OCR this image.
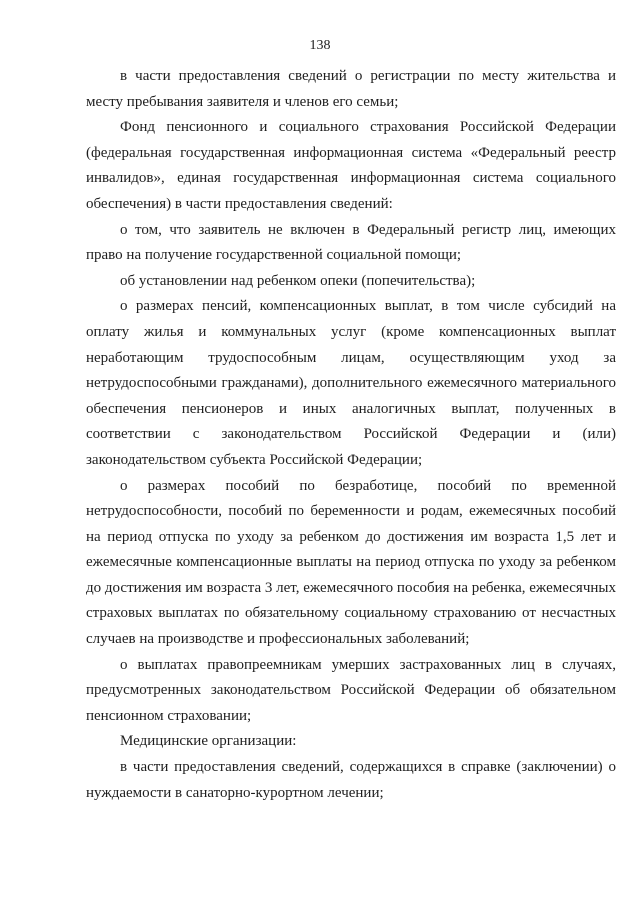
138

в части предоставления сведений о регистрации по месту жительства и месту пребывания заявителя и членов его семьи;

Фонд пенсионного и социального страхования Российской Федерации (федеральная государственная информационная система «Федеральный реестр инвалидов», единая государственная информационная система социального обеспечения) в части предоставления сведений:

о том, что заявитель не включен в Федеральный регистр лиц, имеющих право на получение государственной социальной помощи;

об установлении над ребенком опеки (попечительства);

о размерах пенсий, компенсационных выплат, в том числе субсидий на оплату жилья и коммунальных услуг (кроме компенсационных выплат неработающим трудоспособным лицам, осуществляющим уход за нетрудоспособными гражданами), дополнительного ежемесячного материального обеспечения пенсионеров и иных аналогичных выплат, полученных в соответствии с законодательством Российской Федерации и (или) законодательством субъекта Российской Федерации;

о размерах пособий по безработице, пособий по временной нетрудоспособности, пособий по беременности и родам, ежемесячных пособий на период отпуска по уходу за ребенком до достижения им возраста 1,5 лет и ежемесячные компенсационные выплаты на период отпуска по уходу за ребенком до достижения им возраста 3 лет, ежемесячного пособия на ребенка, ежемесячных страховых выплатах по обязательному социальному страхованию от несчастных случаев на производстве и профессиональных заболеваний;

о выплатах правопреемникам умерших застрахованных лиц в случаях, предусмотренных законодательством Российской Федерации об обязательном пенсионном страховании;

Медицинские организации:

в части предоставления сведений, содержащихся в справке (заключении) о нуждаемости в санаторно-курортном лечении;
